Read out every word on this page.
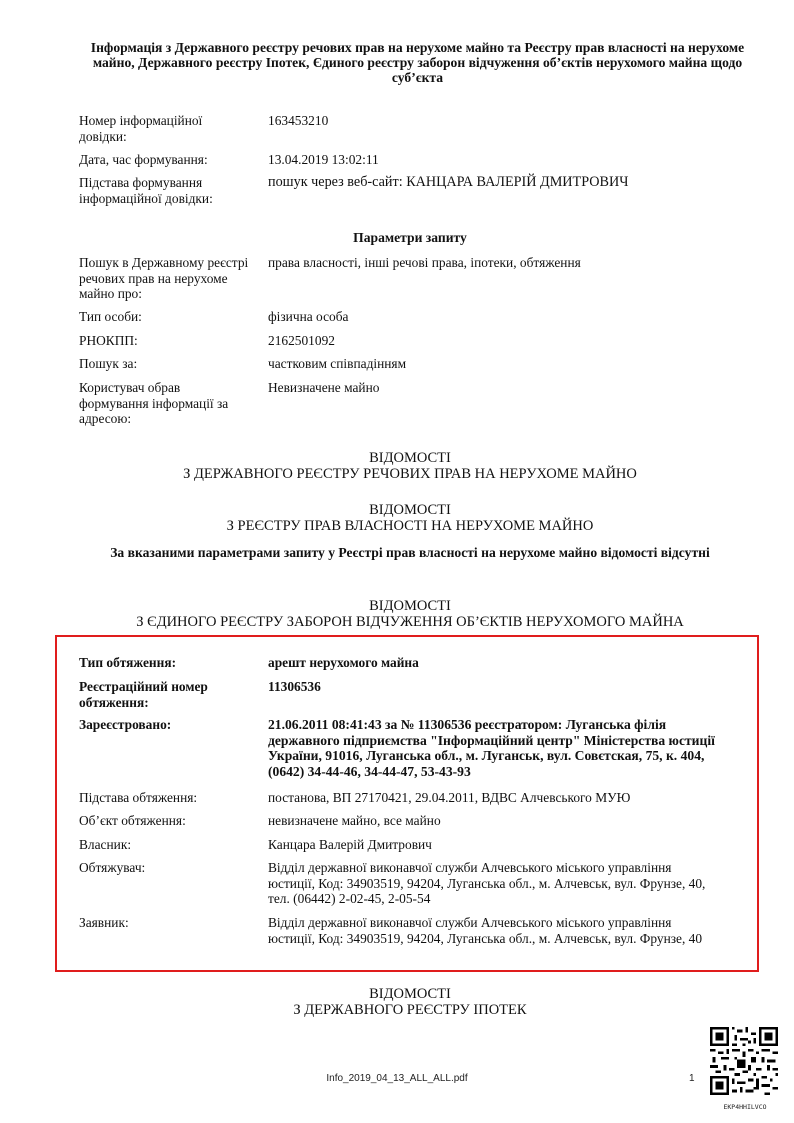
Інформація з Державного реєстру речових прав на нерухоме майно та Реєстру прав власності на нерухоме майно, Державного реєстру Іпотек, Єдиного реєстру заборон відчуження об’єктів нерухомого майна щодо суб’єкта
Номер інформаційної довідки:
163453210
Дата, час формування:	13.04.2019 13:02:11
Підстава формування інформаційної довідки:
пошук через веб-сайт: КАНЦАРА ВАЛЕРІЙ ДМИТРОВИЧ
Параметри запиту
Пошук в Державному реєстрі речових прав на нерухоме майно про:
права власності, інші речові права, іпотеки, обтяження
Тип особи:	фізична особа
РНОКПП:	2162501092
Пошук за:	частковим співпадінням
Користувач обрав формування інформації за адресою:
Невизначене майно
ВІДОМОСТІ
З ДЕРЖАВНОГО РЕЄСТРУ РЕЧОВИХ ПРАВ НА НЕРУХОМЕ МАЙНО
ВІДОМОСТІ
З РЕЄСТРУ ПРАВ ВЛАСНОСТІ НА НЕРУХОМЕ МАЙНО
За вказаними параметрами запиту у Реєстрі прав власності на нерухоме майно відомості відсутні
ВІДОМОСТІ
З ЄДИНОГО РЕЄСТРУ ЗАБОРОН ВІДЧУЖЕННЯ ОБ’ЄКТІВ НЕРУХОМОГО МАЙНА
Тип обтяження:	арешт нерухомого майна
Реєстраційний номер обтяження:
11306536
Зареєстровано:	21.06.2011 08:41:43 за № 11306536 реєстратором: Луганська філія державного підприємства "Інформаційний центр" Міністерства юстиції України, 91016, Луганська обл., м. Луганськ, вул. Совєтская, 75, к. 404, (0642) 34-44-46, 34-44-47, 53-43-93
Підстава обтяження:	постанова, ВП 27170421, 29.04.2011, ВДВС Алчевського МУЮ
Об’єкт обтяження:	невизначене майно, все майно
Власник:	Канцара Валерій Дмитрович
Обтяжувач:	Відділ державної виконавчої служби Алчевського міського управління юстиції, Код: 34903519, 94204, Луганська обл., м. Алчевськ, вул. Фрунзе, 40, тел. (06442) 2-02-45, 2-05-54
Заявник:	Відділ державної виконавчої служби Алчевського міського управління юстиції, Код: 34903519, 94204, Луганська обл., м. Алчевськ, вул. Фрунзе, 40
ВІДОМОСТІ
З ДЕРЖАВНОГО РЕЄСТРУ ІПОТЕК
Info_2019_04_13_ALL_ALL.pdf	1
EKP4HHILVCO
